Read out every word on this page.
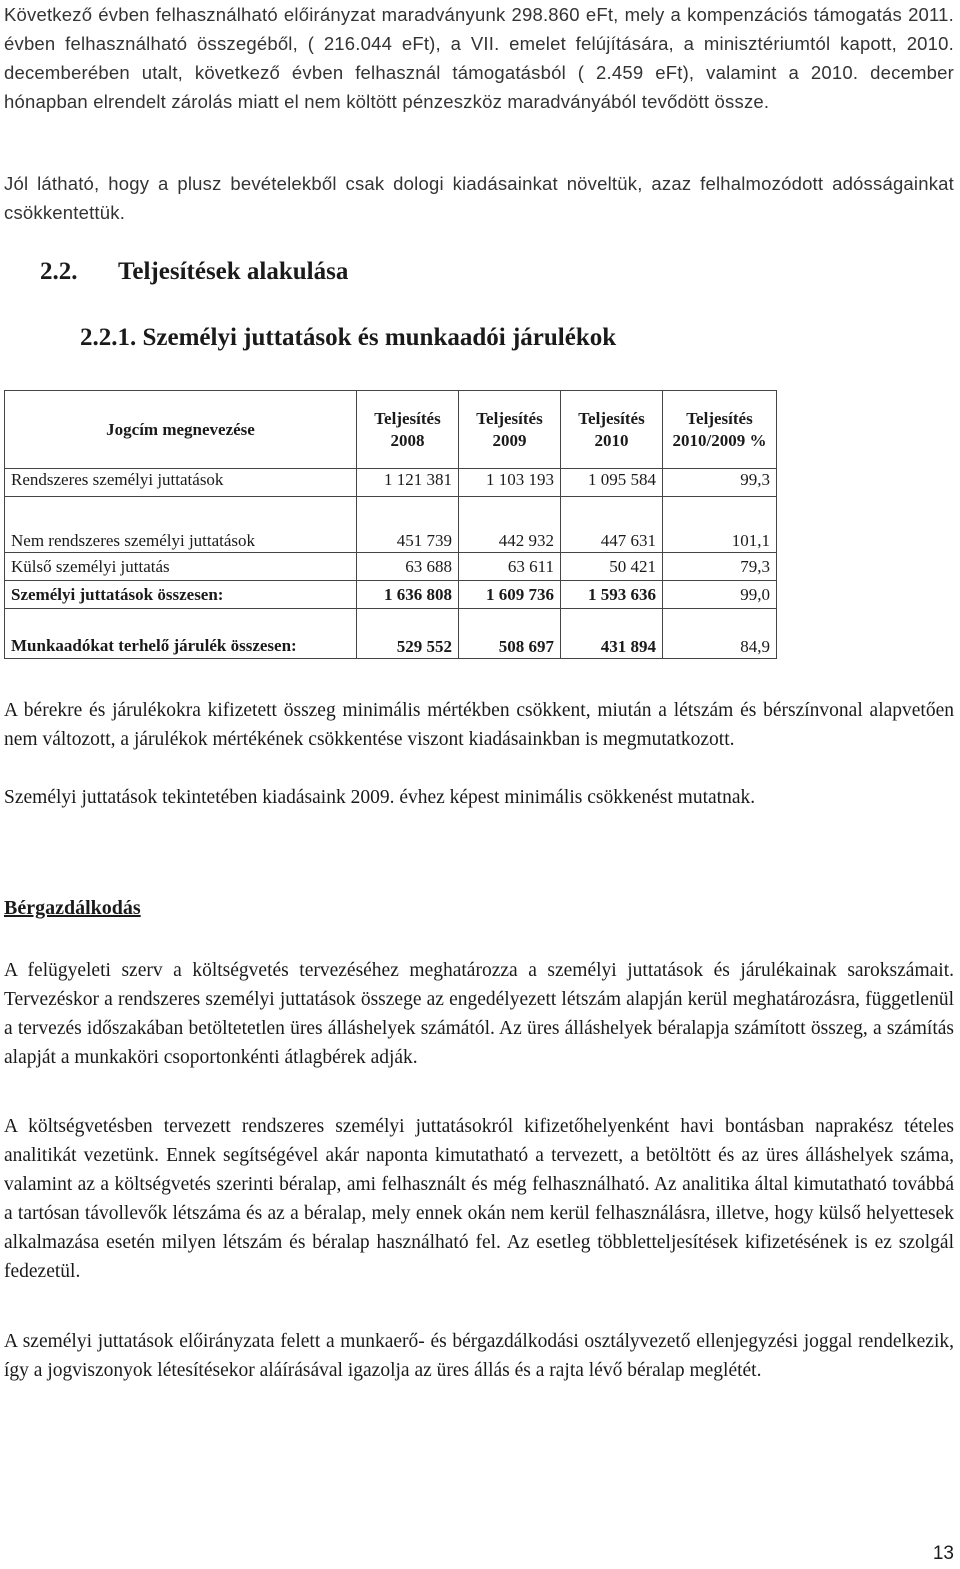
Következő évben felhasználható előirányzat maradványunk 298.860 eFt, mely a kompenzációs támogatás 2011. évben felhasználható összegéből, ( 216.044 eFt), a VII. emelet felújítására, a minisztériumtól kapott, 2010. decemberében utalt, következő évben felhasznál támogatásból ( 2.459 eFt), valamint a 2010. december hónapban elrendelt zárolás miatt el nem költött pénzeszköz maradványából tevődött össze.

Jól látható, hogy a plusz bevételekből csak dologi kiadásainkat növeltük, azaz felhalmozódott adósságainkat csökkentettük.

2.2. Teljesítések alakulása
2.2.1. Személyi juttatások és munkaadói járulékok
Jogcím megnevezése	Teljesítés 2008	Teljesítés 2009	Teljesítés 2010	Teljesítés 2010/2009 %
Rendszeres személyi juttatások	1 121 381	1 103 193	1 095 584	99,3
Nem rendszeres személyi juttatások	451 739	442 932	447 631	101,1
Külső személyi juttatás	63 688	63 611	50 421	79,3
Személyi juttatások összesen:	1 636 808	1 609 736	1 593 636	99,0

Munkaadókat terhelő járulék összesen:	529 552	508 697	431 894	84,9

A bérekre és járulékokra kifizetett összeg minimális mértékben csökkent, miután a létszám és bérszínvonal alapvetően nem változott, a járulékok mértékének csökkentése viszont kiadásainkban is megmutatkozott.

Személyi juttatások tekintetében kiadásaink 2009. évhez képest minimális csökkenést mutatnak.

Bérgazdálkodás

A felügyeleti szerv a költségvetés tervezéséhez meghatározza a személyi juttatások és járulékainak sarokszámait. Tervezéskor a rendszeres személyi juttatások összege az engedélyezett létszám alapján kerül meghatározásra, függetlenül a tervezés időszakában betöltetetlen üres álláshelyek számától. Az üres álláshelyek béralapja számított összeg, a számítás alapját a munkaköri csoportonkénti átlagbérek adják.

A költségvetésben tervezett rendszeres személyi juttatásokról kifizetőhelyenként havi bontásban naprakész tételes analitikát vezetünk. Ennek segítségével akár naponta kimutatható a tervezett, a betöltött és az üres álláshelyek száma, valamint az a költségvetés szerinti béralap, ami felhasznált és még felhasználható. Az analitika által kimutatható továbbá a tartósan távollevők létszáma és az a béralap, mely ennek okán nem kerül felhasználásra, illetve, hogy külső helyettesek alkalmazása esetén milyen létszám és béralap használható fel. Az esetleg többletteljesítések kifizetésének is ez szolgál fedezetül.

A személyi juttatások előirányzata felett a munkaerő- és bérgazdálkodási osztályvezető ellenjegyzési joggal rendelkezik, így a jogviszonyok létesítésekor aláírásával igazolja az üres állás és a rajta lévő béralap meglétét.

13
